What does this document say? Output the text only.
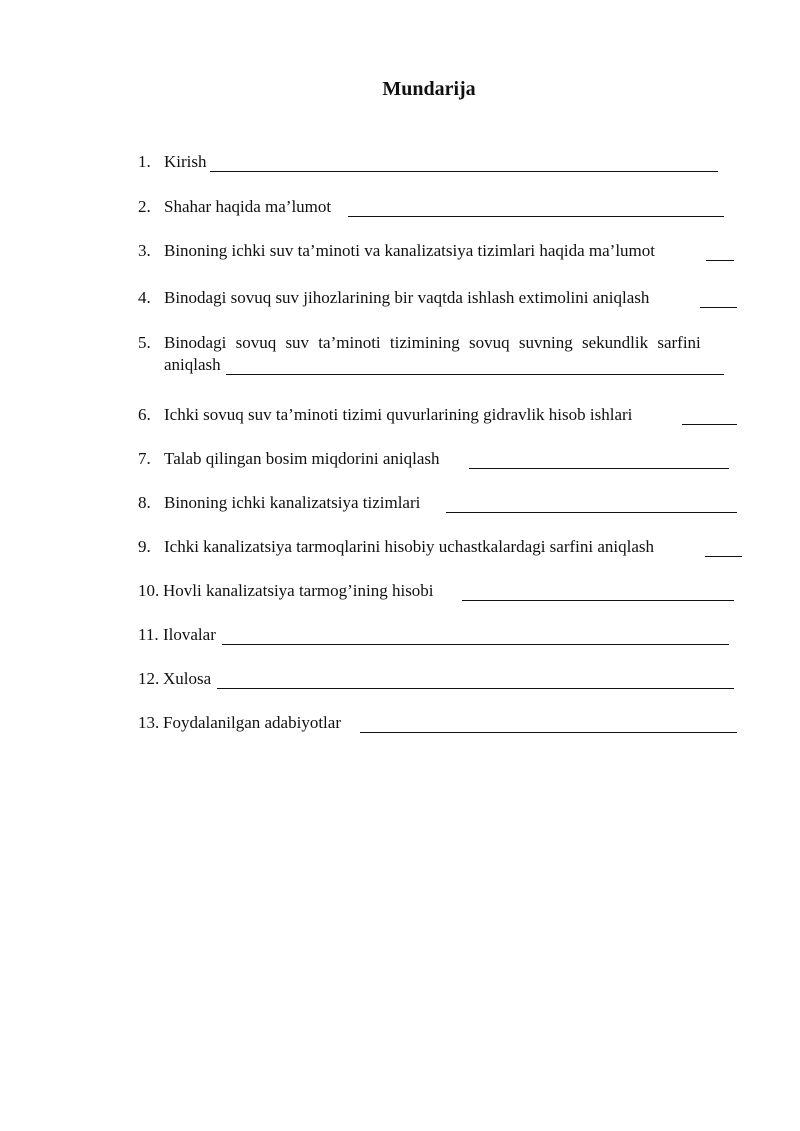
Mundarija
1. Kirish
2. Shahar haqida ma’lumot
3. Binoning ichki suv ta’minoti va kanalizatsiya tizimlari haqida ma’lumot
4. Binodagi sovuq suv jihozlarining bir vaqtda ishlash extimolini aniqlash
5. Binodagi sovuq suv ta’minoti tizimining sovuq suvning sekundlik sarfini
aniqlash
6. Ichki sovuq suv ta’minoti tizimi quvurlarining gidravlik hisob ishlari
7. Talab qilingan bosim miqdorini aniqlash
8. Binoning ichki kanalizatsiya tizimlari
9. Ichki kanalizatsiya tarmoqlarini hisobiy uchastkalardagi sarfini aniqlash
10. Hovli kanalizatsiya tarmog’ining hisobi
11. Ilovalar
12. Xulosa
13. Foydalanilgan adabiyotlar
